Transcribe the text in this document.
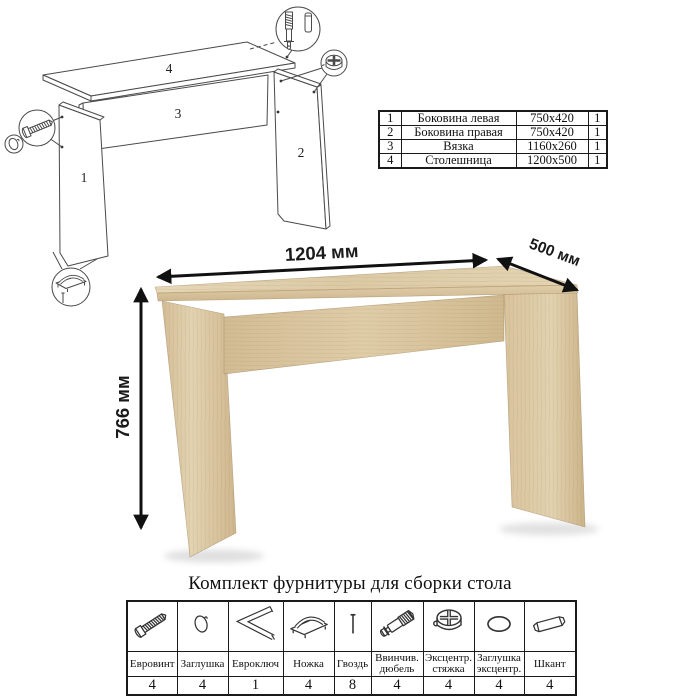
4
3
1
2
1	Боковина левая	750x420	1
2	Боковина правая	750x420	1
3	Вязка	1160x260	1
4	Столешница	1200x500	1
1204 мм	500 мм
766 мм
Комплект фурнитуры для сборки стола

Евровинт	Заглушка	Евроключ	Ножка	Гвоздь	Ввинчив. дюбель	Эксцентр. стяжка	Заглушка эксцентр.	Шкант
4	4	1	4	8	4	4	4	4
